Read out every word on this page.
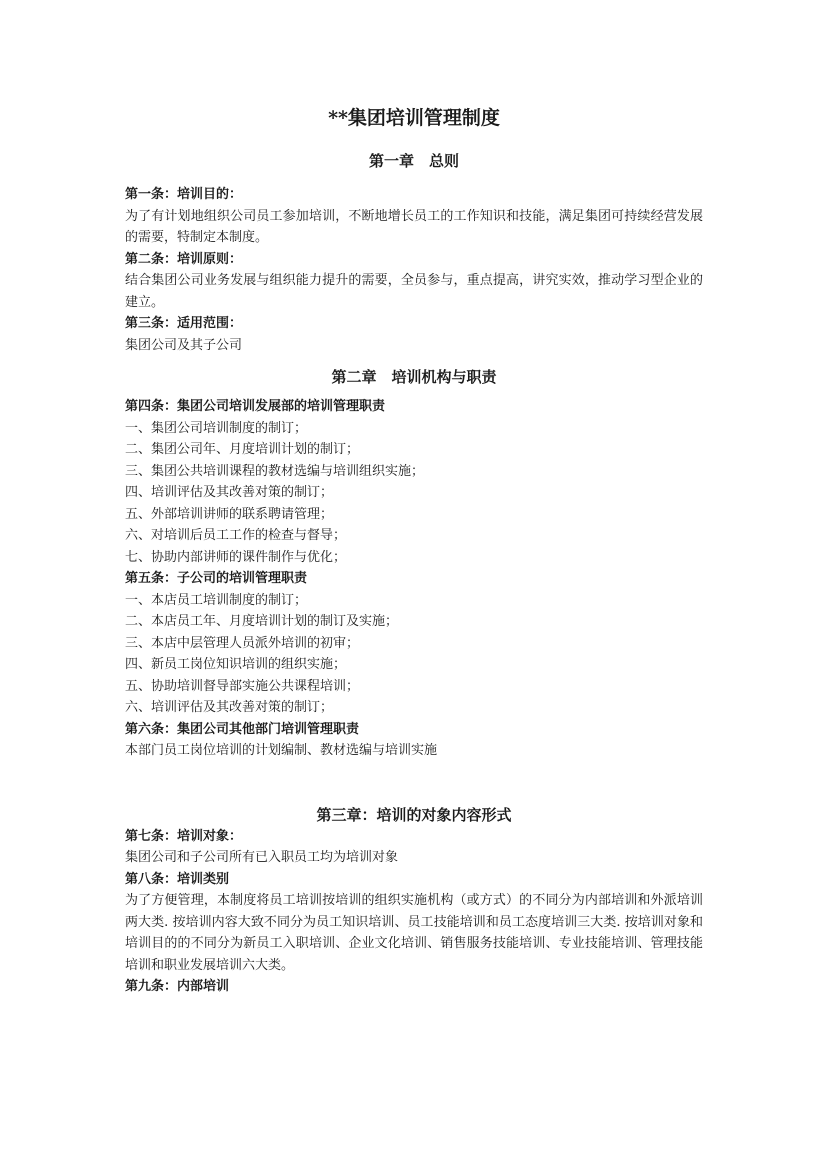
**集团培训管理制度
第一章　总则
第一条：培训目的：
为了有计划地组织公司员工参加培训，不断地增长员工的工作知识和技能，满足集团可持续经营发展的需要，特制定本制度。
第二条：培训原则：
结合集团公司业务发展与组织能力提升的需要，全员参与，重点提高，讲究实效，推动学习型企业的建立。
第三条：适用范围：
集团公司及其子公司
第二章　培训机构与职责
第四条：集团公司培训发展部的培训管理职责
一、集团公司培训制度的制订；
二、集团公司年、月度培训计划的制订；
三、集团公共培训课程的教材选编与培训组织实施；
四、培训评估及其改善对策的制订；
五、外部培训讲师的联系聘请管理；
六、对培训后员工工作的检查与督导；
七、协助内部讲师的课件制作与优化；
第五条：子公司的培训管理职责
一、本店员工培训制度的制订；
二、本店员工年、月度培训计划的制订及实施；
三、本店中层管理人员派外培训的初审；
四、新员工岗位知识培训的组织实施；
五、协助培训督导部实施公共课程培训；
六、培训评估及其改善对策的制订；
第六条：集团公司其他部门培训管理职责
本部门员工岗位培训的计划编制、教材选编与培训实施
第三章：培训的对象内容形式
第七条：培训对象：
集团公司和子公司所有已入职员工均为培训对象
第八条：培训类别
为了方便管理，本制度将员工培训按培训的组织实施机构（或方式）的不同分为内部培训和外派培训两大类. 按培训内容大致不同分为员工知识培训、员工技能培训和员工态度培训三大类. 按培训对象和培训目的的不同分为新员工入职培训、企业文化培训、销售服务技能培训、专业技能培训、管理技能培训和职业发展培训六大类。
第九条：内部培训
